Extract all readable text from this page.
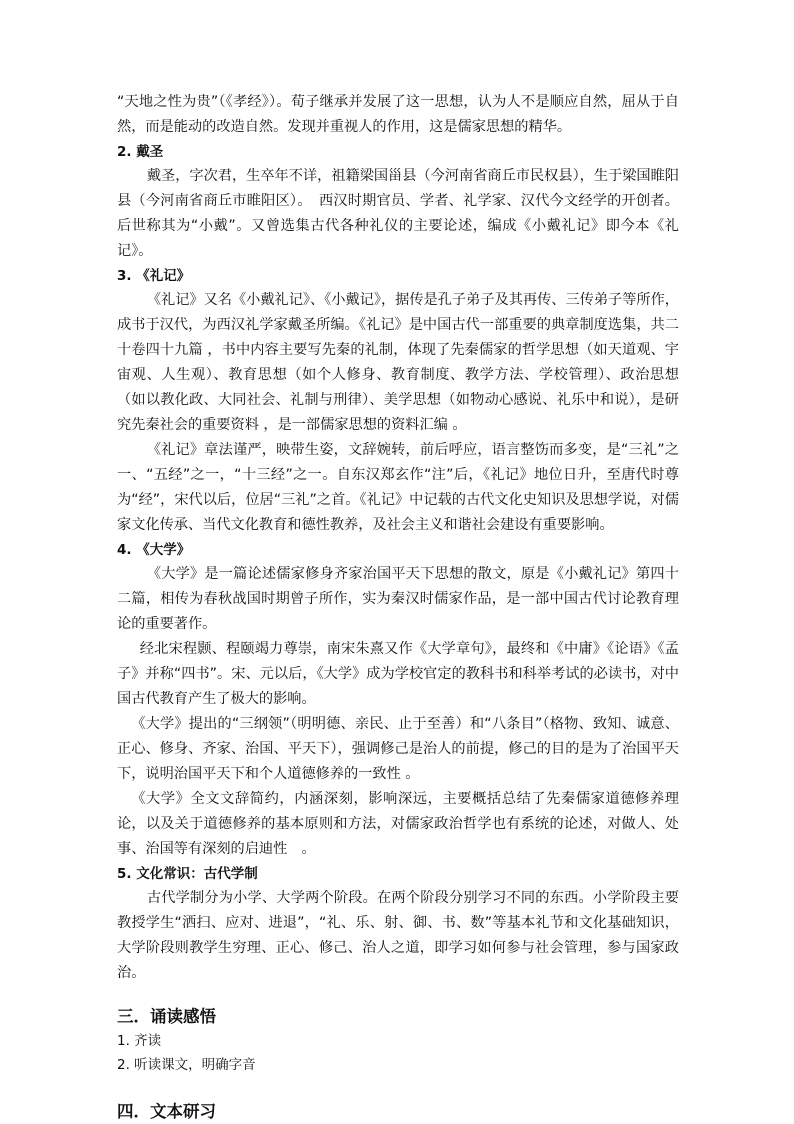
“天地之性为贵”（《孝经》）。荀子继承并发展了这一思想，认为人不是顺应自然，屈从于自然，而是能动的改造自然。发现并重视人的作用，这是儒家思想的精华。

2. 戴圣

戴圣，字次君，生卒年不详，祖籍梁国甾县（今河南省商丘市民权县），生于梁国睢阳县（今河南省商丘市睢阳区）。　西汉时期官员、学者、礼学家、汉代今文经学的开创者。后世称其为“小戴”。又曾选集古代各种礼仪的主要论述，编成《小戴礼记》即今本《礼记》。

3. 《礼记》

《礼记》又名《小戴礼记》、《小戴记》，据传是孔子弟子及其再传、三传弟子等所作，成书于汉代，为西汉礼学家戴圣所编。《礼记》是中国古代一部重要的典章制度选集，共二十卷四十九篇 ，书中内容主要写先秦的礼制，体现了先秦儒家的哲学思想（如天道观、宇宙观、人生观）、教育思想（如个人修身、教育制度、教学方法、学校管理）、政治思想（如以教化政、大同社会、礼制与刑律）、美学思想（如物动心感说、礼乐中和说），是研究先秦社会的重要资料 ，是一部儒家思想的资料汇编 。

《礼记》章法谨严，映带生姿，文辞婉转，前后呼应，语言整饬而多变，是“三礼”之一、“五经”之一，“十三经”之一。自东汉郑玄作“注”后，《礼记》地位日升，至唐代时尊为“经”，宋代以后，位居“三礼”之首。《礼记》中记载的古代文化史知识及思想学说，对儒家文化传承、当代文化教育和德性教养，及社会主义和谐社会建设有重要影响。

4. 《大学》

《大学》是一篇论述儒家修身齐家治国平天下思想的散文，原是《小戴礼记》第四十二篇，相传为春秋战国时期曾子所作，实为秦汉时儒家作品，是一部中国古代讨论教育理论的重要著作。

经北宋程颢、程颐竭力尊崇，南宋朱熹又作《大学章句》，最终和《中庸》《论语》《孟子》并称“四书”。宋、元以后，《大学》成为学校官定的教科书和科举考试的必读书，对中国古代教育产生了极大的影响。

《大学》提出的“三纲领”（明明德、亲民、止于至善）和“八条目”（格物、致知、诚意、正心、修身、齐家、治国、平天下），强调修己是治人的前提，修己的目的是为了治国平天下，说明治国平天下和个人道德修养的一致性 。

《大学》全文文辞简约，内涵深刻，影响深远，主要概括总结了先秦儒家道德修养理论，以及关于道德修养的基本原则和方法，对儒家政治哲学也有系统的论述，对做人、处事、治国等有深刻的启迪性　。

5. 文化常识：古代学制

古代学制分为小学、大学两个阶段。在两个阶段分别学习不同的东西。小学阶段主要教授学生“洒扫、应对、进退”，“礼、乐、射、御、书、数”等基本礼节和文化基础知识，大学阶段则教学生穷理、正心、修己、治人之道，即学习如何参与社会管理，参与国家政治。

三．诵读感悟

1. 齐读

2. 听读课文，明确字音

四．文本研习
